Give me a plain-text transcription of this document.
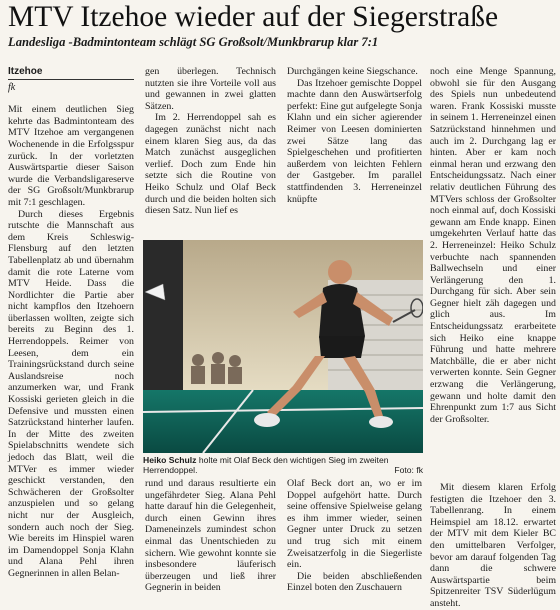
MTV Itzehoe wieder auf der Siegerstraße
Landesliga -Badmintonteam schlägt SG Großsolt/Munkbrarup klar 7:1
Itzehoe
fk

Mit einem deutlichen Sieg kehrte das Badmintonteam des MTV Itzehoe am vergangenen Wochenende in die Erfolgsspur zurück. In der vorletzten Auswärtspartie dieser Saison wurde die Verbandsligareserve der SG Großsolt/Munkbrarup mit 7:1 geschlagen.

Durch dieses Ergebnis rutschte die Mannschaft aus dem Kreis Schleswig-Flensburg auf den letzten Tabellenplatz ab und übernahm damit die rote Laterne vom MTV Heide. Dass die Nordlichter die Partie aber nicht kampflos den Itzehoern überlassen wollten, zeigte sich bereits zu Beginn des 1. Herrendoppels. Reimer von Leesen, dem ein Trainingsrückstand durch seine Auslandsreise noch anzumerken war, und Frank Kossiski gerieten gleich in die Defensive und mussten einen Satzrückstand hinterher laufen. In der Mitte des zweiten Spielabschnitts wendete sich jedoch das Blatt, weil die MTVer es immer wieder geschickt verstanden, den Schwächeren der Großsolter anzuspielen und so gelang nicht nur der Ausgleich, sondern auch noch der Sieg. Wie bereits im Hinspiel waren im Damendoppel Sonja Klahn und Alana Pehl ihren Gegnerinnen in allen Belan-

gen überlegen. Technisch nutzten sie ihre Vorteile voll aus und gewannen in zwei glatten Sätzen.

Im 2. Herrendoppel sah es dagegen zunächst nicht nach einem klaren Sieg aus, da das Match zunächst ausgeglichen verlief. Doch zum Ende hin setzte sich die Routine von Heiko Schulz und Olaf Beck durch und die beiden holten sich diesen Satz. Nun lief es

Durchgängen keine Siegschance.

Das Itzehoer gemischte Doppel machte dann den Auswärtserfolg perfekt: Eine gut aufgelegte Sonja Klahn und ein sicher agierender Reimer von Leesen dominierten zwei Sätze lang das Spielgeschehen und profitierten außerdem von leichten Fehlern der Gastgeber. Im parallel stattfindenden 3. Herreneinzel knüpfte

noch eine Menge Spannung, obwohl sie für den Ausgang des Spiels nun unbedeutend waren. Frank Kossiski musste in seinem 1. Herreneinzel einen Satzrückstand hinnehmen und auch im 2. Durchgang lag er hinten. Aber er kam noch einmal heran und erzwang den Entscheidungssatz. Nach einer relativ deutlichen Führung des MTVers schloss der Großsolter noch einmal auf, doch Kossiski gewann am Ende knapp. Einen umgekehrten Verlauf hatte das 2. Herreneinzel: Heiko Schulz verbuchte nach spannenden Ballwechseln und einer Verlängerung den 1. Durchgang für sich. Aber sein Gegner hielt zäh dagegen und glich aus. Im Entscheidungssatz erarbeitete sich Heiko eine knappe Führung und hatte mehrere Matchbälle, die er aber nicht verwerten konnte. Sein Gegner erzwang die Verlängerung, gewann und holte damit den Ehrenpunkt zum 1:7 aus Sicht der Großsolter.

Mit diesem klaren Erfolg festigten die Itzehoer den 3. Tabellenrang. In einem Heimspiel am 18.12. erwartet der MTV mit dem Kieler BC den umittelbaren Verfolger, bevor am darauf folgenden Tag dann die schwere Auswärtspartie beim Spitzenreiter TSV Süderlügum ansteht.

Heiko Schulz holte mit Olaf Beck den wichtigen Sieg im zweiten Herrendoppel.	Foto: fk

rund und daraus resultierte ein ungefährdeter Sieg. Alana Pehl hatte darauf hin die Gelegenheit, durch einen Gewinn ihres Dameneinzels zumindest schon einmal das Unentschieden zu sichern. Wie gewohnt konnte sie insbesondere läuferisch überzeugen und ließ ihrer Gegnerin in beiden

Olaf Beck dort an, wo er im Doppel aufgehört hatte. Durch seine offensive Spielweise gelang es ihm immer wieder, seinen Gegner unter Druck zu setzen und trug sich mit einem Zweisatzerfolg in die Siegerliste ein.

Die beiden abschließenden Einzel boten den Zuschauern
